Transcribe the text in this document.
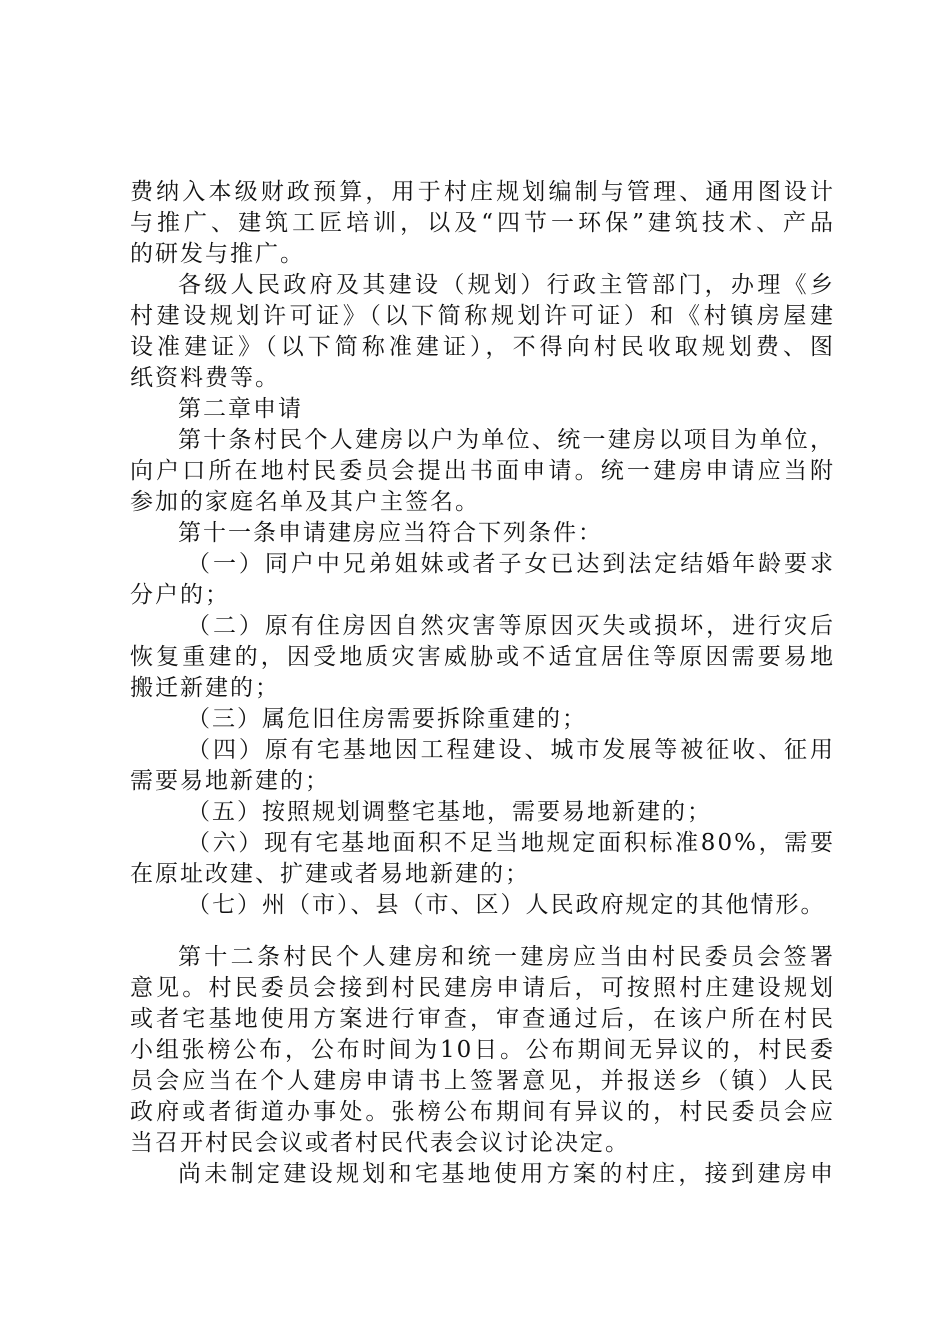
费纳入本级财政预算，用于村庄规划编制与管理、通用图设计
与推广、建筑工匠培训，以及“四节一环保”建筑技术、产品
的研发与推广。
各级人民政府及其建设（规划）行政主管部门，办理《乡
村建设规划许可证》（以下简称规划许可证）和《村镇房屋建
设准建证》（以下简称准建证），不得向村民收取规划费、图
纸资料费等。
第二章申请
第十条村民个人建房以户为单位、统一建房以项目为单位，
向户口所在地村民委员会提出书面申请。统一建房申请应当附
参加的家庭名单及其户主签名。
第十一条申请建房应当符合下列条件：
（一）同户中兄弟姐妹或者子女已达到法定结婚年龄要求
分户的；
（二）原有住房因自然灾害等原因灭失或损坏，进行灾后
恢复重建的，因受地质灾害威胁或不适宜居住等原因需要易地
搬迁新建的；
（三）属危旧住房需要拆除重建的；
（四）原有宅基地因工程建设、城市发展等被征收、征用
需要易地新建的；
（五）按照规划调整宅基地，需要易地新建的；
（六）现有宅基地面积不足当地规定面积标准80%，需要
在原址改建、扩建或者易地新建的；
（七）州（市）、县（市、区）人民政府规定的其他情形。
第十二条村民个人建房和统一建房应当由村民委员会签署
意见。村民委员会接到村民建房申请后，可按照村庄建设规划
或者宅基地使用方案进行审查，审查通过后，在该户所在村民
小组张榜公布，公布时间为10日。公布期间无异议的，村民委
员会应当在个人建房申请书上签署意见，并报送乡（镇）人民
政府或者街道办事处。张榜公布期间有异议的，村民委员会应
当召开村民会议或者村民代表会议讨论决定。
尚未制定建设规划和宅基地使用方案的村庄，接到建房申
